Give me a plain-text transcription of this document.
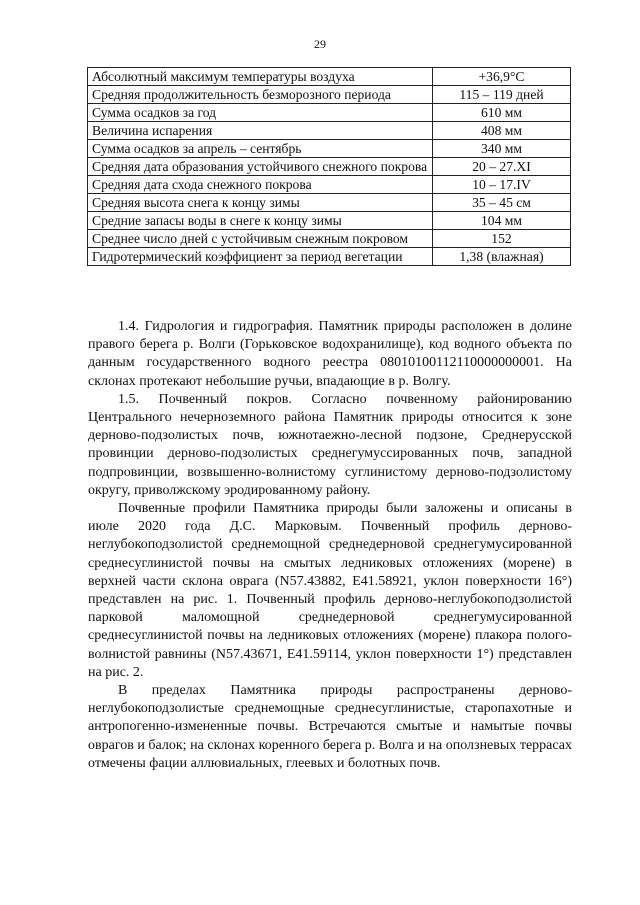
29
Абсолютный максимум температуры воздуха	+36,9°С
Средняя продолжительность безморозного периода	115 – 119 дней
Сумма осадков за год	610 мм
Величина испарения	408 мм
Сумма осадков за апрель – сентябрь	340 мм
Средняя дата образования устойчивого снежного покрова	20 – 27.XI
Средняя дата схода снежного покрова	10 – 17.IV
Средняя высота снега к концу зимы	35 – 45 см
Средние запасы воды в снеге к концу зимы	104 мм
Среднее число дней с устойчивым снежным покровом	152
Гидротермический коэффициент за период вегетации	1,38 (влажная)

1.4. Гидрология и гидрография. Памятник природы расположен в долине правого берега р. Волги (Горьковское водохранилище), код водного объекта по данным государственного водного реестра 08010100112110000000001. На склонах протекают небольшие ручьи, впадающие в р. Волгу.

1.5. Почвенный покров. Согласно почвенному районированию Центрального нечерноземного района Памятник природы относится к зоне дерново-подзолистых почв, южнотаежно-лесной подзоне, Среднерусской провинции дерново-подзолистых среднегумуссированных почв, западной подпровинции, возвышенно-волнистому суглинистому дерново-подзолистому округу, приволжскому эродированному району.

Почвенные профили Памятника природы были заложены и описаны в июле 2020 года Д.С. Марковым. Почвенный профиль дерново-неглубокоподзолистой среднемощной среднедерновой среднегумусированной среднесуглинистой почвы на смытых ледниковых отложениях (морене) в верхней части склона оврага (N57.43882, E41.58921, уклон поверхности 16°) представлен на рис. 1. Почвенный профиль дерново-неглубокоподзолистой парковой маломощной среднедерновой среднегумусированной среднесуглинистой почвы на ледниковых отложениях (морене) плакора полого-волнистой равнины (N57.43671, E41.59114, уклон поверхности 1°) представлен на рис. 2.

В пределах Памятника природы распространены дерново-неглубокоподзолистые среднемощные среднесуглинистые, старопахотные и антропогенно-измененные почвы. Встречаются смытые и намытые почвы оврагов и балок; на склонах коренного берега р. Волга и на оползневых террасах отмечены фации аллювиальных, глеевых и болотных почв.
